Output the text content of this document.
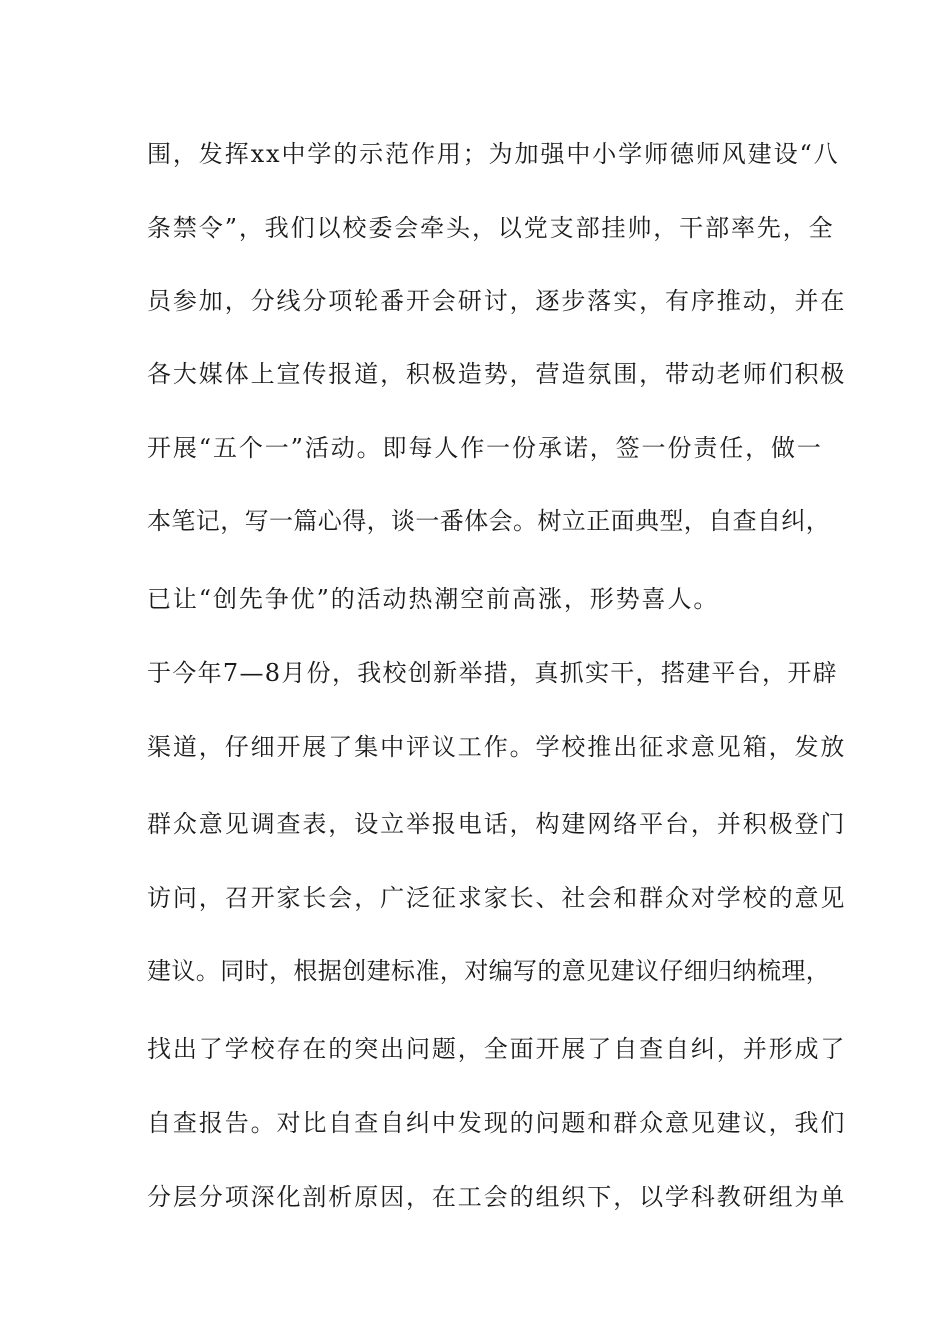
围，发挥xx中学的示范作用；为加强中小学师德师风建设“八
条禁令”，我们以校委会牵头，以党支部挂帅，干部率先，全
员参加，分线分项轮番开会研讨，逐步落实，有序推动，并在
各大媒体上宣传报道，积极造势，营造氛围，带动老师们积极
开展“五个一”活动。即每人作一份承诺，签一份责任，做一
本笔记，写一篇心得，谈一番体会。树立正面典型，自查自纠，
已让“创先争优”的活动热潮空前高涨，形势喜人。
于今年7—8月份，我校创新举措，真抓实干，搭建平台，开辟
渠道，仔细开展了集中评议工作。学校推出征求意见箱，发放
群众意见调查表，设立举报电话，构建网络平台，并积极登门
访问，召开家长会，广泛征求家长、社会和群众对学校的意见
建议。同时，根据创建标准，对编写的意见建议仔细归纳梳理，
找出了学校存在的突出问题，全面开展了自查自纠，并形成了
自查报告。对比自查自纠中发现的问题和群众意见建议，我们
分层分项深化剖析原因，在工会的组织下，以学科教研组为单
